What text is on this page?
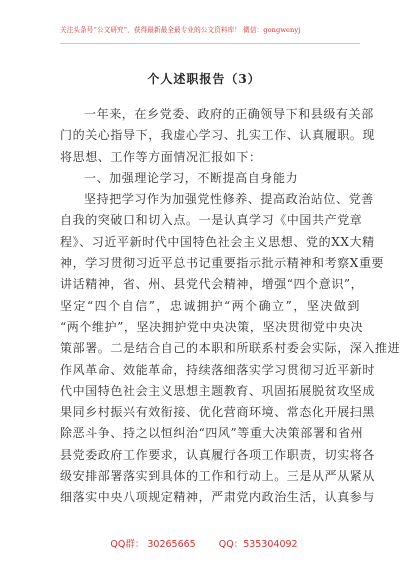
关注头条号“公文研究”，获得最新最全最专业的公文资料库！ 微信：gongwenyj
个人述职报告（3）
一年来，在乡党委、政府的正确领导下和县级有关部
门的关心指导下，我虚心学习、扎实工作、认真履职。现
将思想、工作等方面情况汇报如下：
一、加强理论学习，不断提高自身能力
坚持把学习作为加强党性修养、提高政治站位、党善
自我的突破口和切入点。一是认真学习《中国共产党章
程》、习近平新时代中国特色社会主义思想、党的XX大精
神，学习贯彻习近平总书记重要指示批示精神和考察X重要
讲话精神，省、州、县党代会精神，增强“四个意识”，
坚定“四个自信”，忠诚拥护“两个确立”，坚决做到
“两个维护”，坚决拥护党中央决策，坚决贯彻党中央决
策部署。二是结合自己的本职和所联系村委会实际，深入推进
作风革命、效能革命，持续落细落实学习贯彻习近平新时
代中国特色社会主义思想主题教育、巩固拓展脱贫攻坚成
果同乡村振兴有效衔接、优化营商环境、常态化开展扫黑
除恶斗争、持之以恒纠治“四风”等重大决策部署和省州
县党委政府工作要求，认真履行各项工作职责，切实将各
级安排部署落实到具体的工作和行动上。三是从严从紧从
细落实中央八项规定精神，严肃党内政治生活，认真参与
QQ群： 30265665 QQ：535304092
